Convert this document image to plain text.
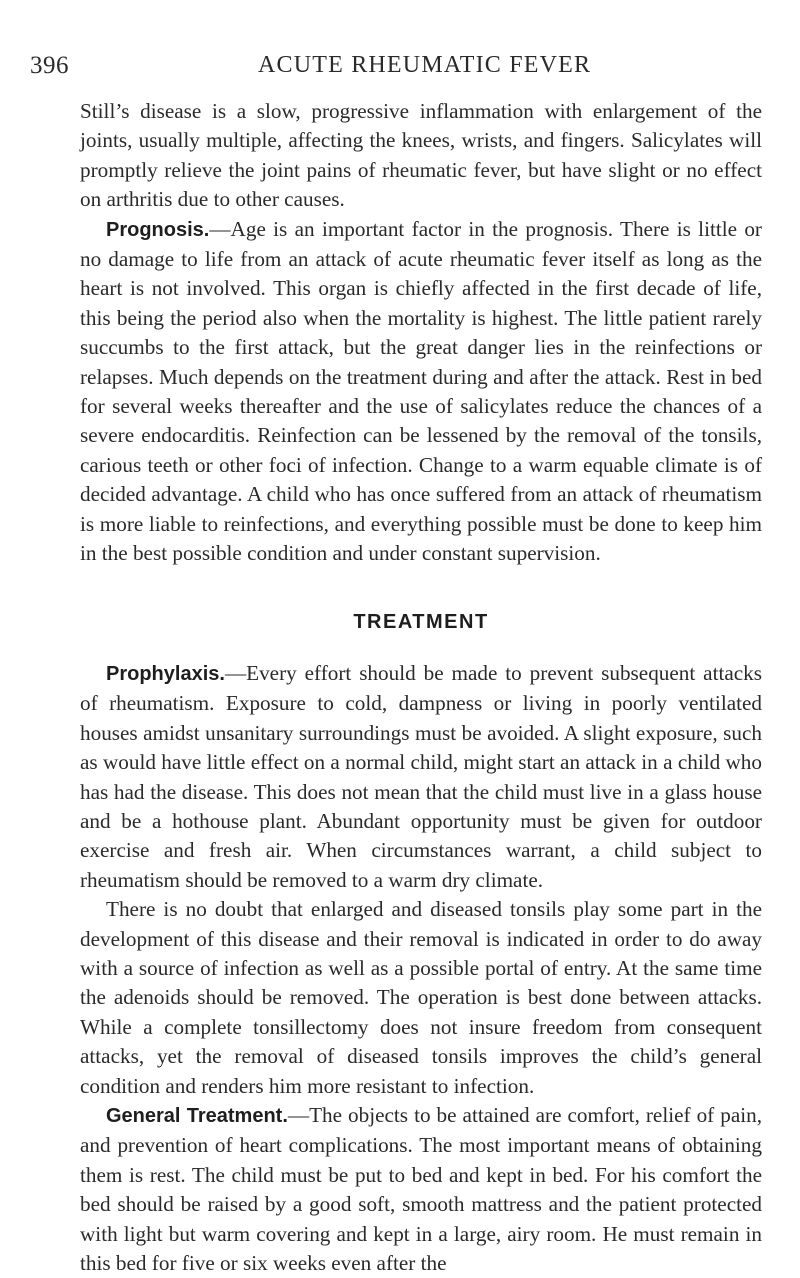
396	ACUTE RHEUMATIC FEVER

Still’s disease is a slow, progressive inflammation with enlargement of the joints, usually multiple, affecting the knees, wrists, and fingers. Salicylates will promptly relieve the joint pains of rheumatic fever, but have slight or no effect on arthritis due to other causes.

Prognosis.—Age is an important factor in the prognosis. There is little or no damage to life from an attack of acute rheumatic fever itself as long as the heart is not involved. This organ is chiefly affected in the first decade of life, this being the period also when the mortality is highest. The little patient rarely succumbs to the first attack, but the great danger lies in the reinfections or relapses. Much depends on the treatment during and after the attack. Rest in bed for several weeks thereafter and the use of salicylates reduce the chances of a severe endocarditis. Reinfection can be lessened by the removal of the tonsils, carious teeth or other foci of infection. Change to a warm equable climate is of decided advantage. A child who has once suffered from an attack of rheumatism is more liable to reinfections, and everything possible must be done to keep him in the best possible condition and under constant supervision.

TREATMENT

Prophylaxis.—Every effort should be made to prevent subsequent attacks of rheumatism. Exposure to cold, dampness or living in poorly ventilated houses amidst unsanitary surroundings must be avoided. A slight exposure, such as would have little effect on a normal child, might start an attack in a child who has had the disease. This does not mean that the child must live in a glass house and be a hothouse plant. Abundant opportunity must be given for outdoor exercise and fresh air. When circumstances warrant, a child subject to rheumatism should be removed to a warm dry climate.

There is no doubt that enlarged and diseased tonsils play some part in the development of this disease and their removal is indicated in order to do away with a source of infection as well as a possible portal of entry. At the same time the adenoids should be removed. The operation is best done between attacks. While a complete tonsillectomy does not insure freedom from consequent attacks, yet the removal of diseased tonsils improves the child’s general condition and renders him more resistant to infection.

General Treatment.—The objects to be attained are comfort, relief of pain, and prevention of heart complications. The most important means of obtaining them is rest. The child must be put to bed and kept in bed. For his comfort the bed should be raised by a good soft, smooth mattress and the patient protected with light but warm covering and kept in a large, airy room. He must remain in this bed for five or six weeks even after the
